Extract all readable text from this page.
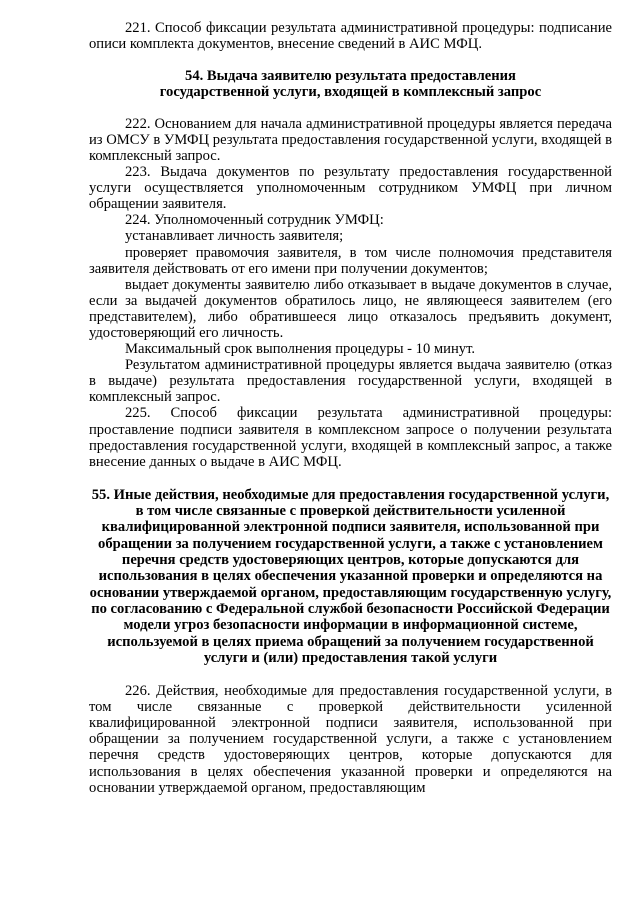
221. Способ фиксации результата административной процедуры: подписание описи комплекта документов, внесение сведений в АИС МФЦ.

54. Выдача заявителю результата предоставления
государственной услуги, входящей в комплексный запрос

222. Основанием для начала административной процедуры является передача из ОМСУ в УМФЦ результата предоставления государственной услуги, входящей в комплексный запрос.

223. Выдача документов по результату предоставления государственной услуги осуществляется уполномоченным сотрудником УМФЦ при личном обращении заявителя.

224. Уполномоченный сотрудник УМФЦ:

устанавливает личность заявителя;

проверяет правомочия заявителя, в том числе полномочия представителя заявителя действовать от его имени при получении документов;

выдает документы заявителю либо отказывает в выдаче документов в случае, если за выдачей документов обратилось лицо, не являющееся заявителем (его представителем), либо обратившееся лицо отказалось предъявить документ, удостоверяющий его личность.

Максимальный срок выполнения процедуры - 10 минут.

Результатом административной процедуры является выдача заявителю (отказ в выдаче) результата предоставления государственной услуги, входящей в комплексный запрос.

225. Способ фиксации результата административной процедуры: проставление подписи заявителя в комплексном запросе о получении результата предоставления государственной услуги, входящей в комплексный запрос, а также внесение данных о выдаче в АИС МФЦ.

55. Иные действия, необходимые для предоставления государственной услуги,
в том числе связанные с проверкой действительности усиленной
квалифицированной электронной подписи заявителя, использованной при
обращении за получением государственной услуги, а также с установлением
перечня средств удостоверяющих центров, которые допускаются для
использования в целях обеспечения указанной проверки и определяются на
основании утверждаемой органом, предоставляющим государственную услугу,
по согласованию с Федеральной службой безопасности Российской Федерации
модели угроз безопасности информации в информационной системе,
используемой в целях приема обращений за получением государственной
услуги и (или) предоставления такой услуги

226. Действия, необходимые для предоставления государственной услуги, в том числе связанные с проверкой действительности усиленной квалифицированной электронной подписи заявителя, использованной при обращении за получением государственной услуги, а также с установлением перечня средств удостоверяющих центров, которые допускаются для использования в целях обеспечения указанной проверки и определяются на основании утверждаемой органом, предоставляющим
